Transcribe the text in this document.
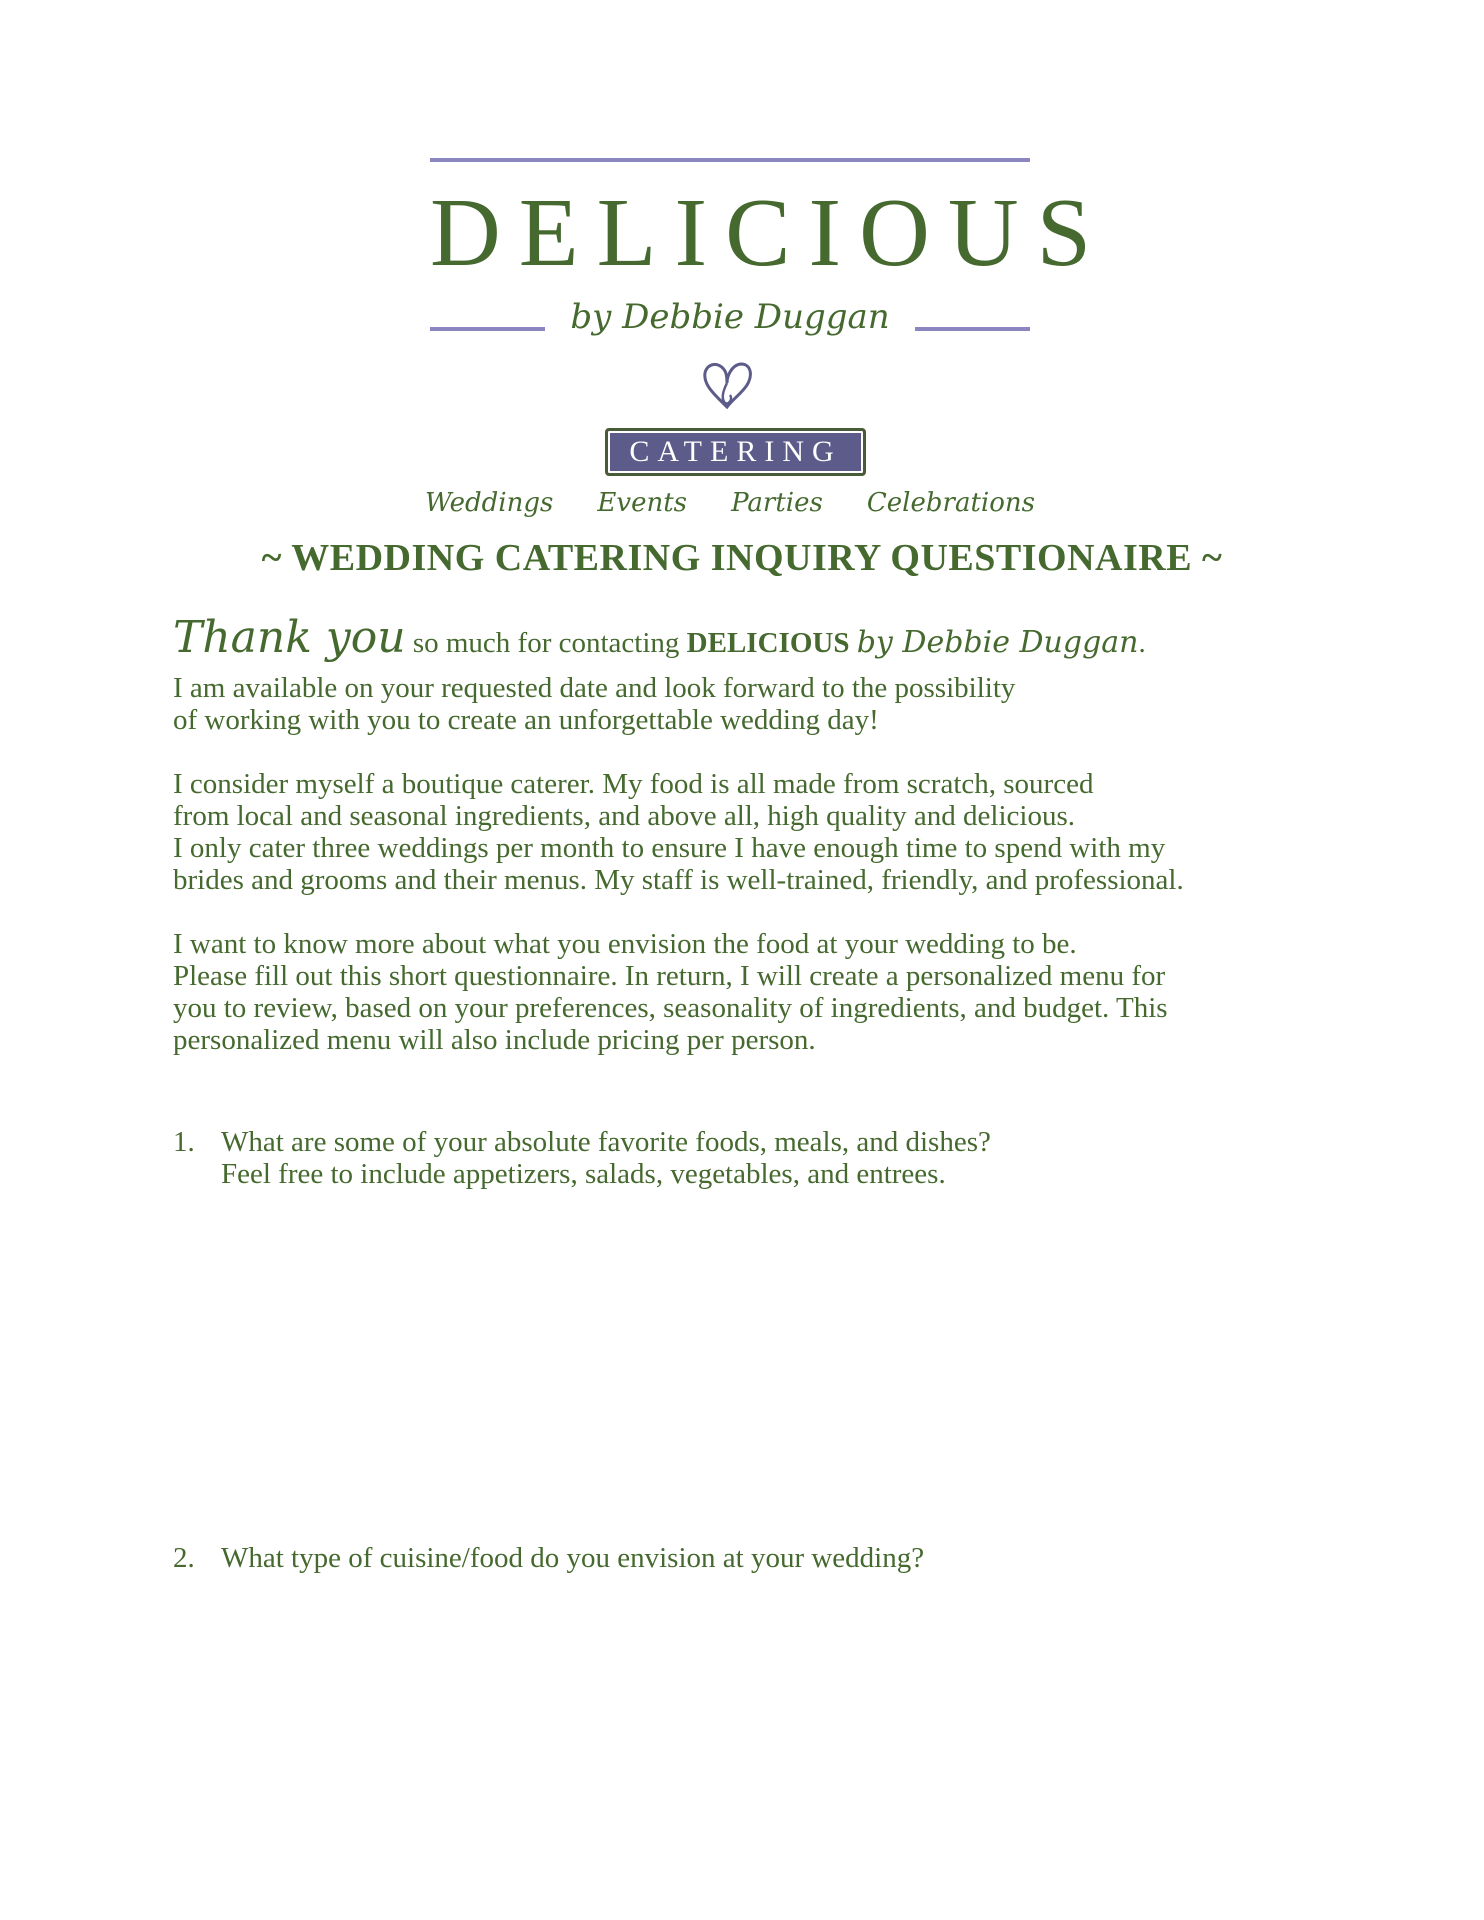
DELICIOUS
by Debbie Duggan
CATERING
Weddings Events Parties Celebrations
~ WEDDING CATERING INQUIRY QUESTIONAIRE ~
Thank you so much for contacting DELICIOUS by Debbie Duggan.
I am available on your requested date and look forward to the possibility
of working with you to create an unforgettable wedding day!
I consider myself a boutique caterer. My food is all made from scratch, sourced
from local and seasonal ingredients, and above all, high quality and delicious.
I only cater three weddings per month to ensure I have enough time to spend with my
brides and grooms and their menus. My staff is well-trained, friendly, and professional.
I want to know more about what you envision the food at your wedding to be.
Please fill out this short questionnaire. In return, I will create a personalized menu for
you to review, based on your preferences, seasonality of ingredients, and budget. This
personalized menu will also include pricing per person.
1. What are some of your absolute favorite foods, meals, and dishes?
Feel free to include appetizers, salads, vegetables, and entrees.
2. What type of cuisine/food do you envision at your wedding?
